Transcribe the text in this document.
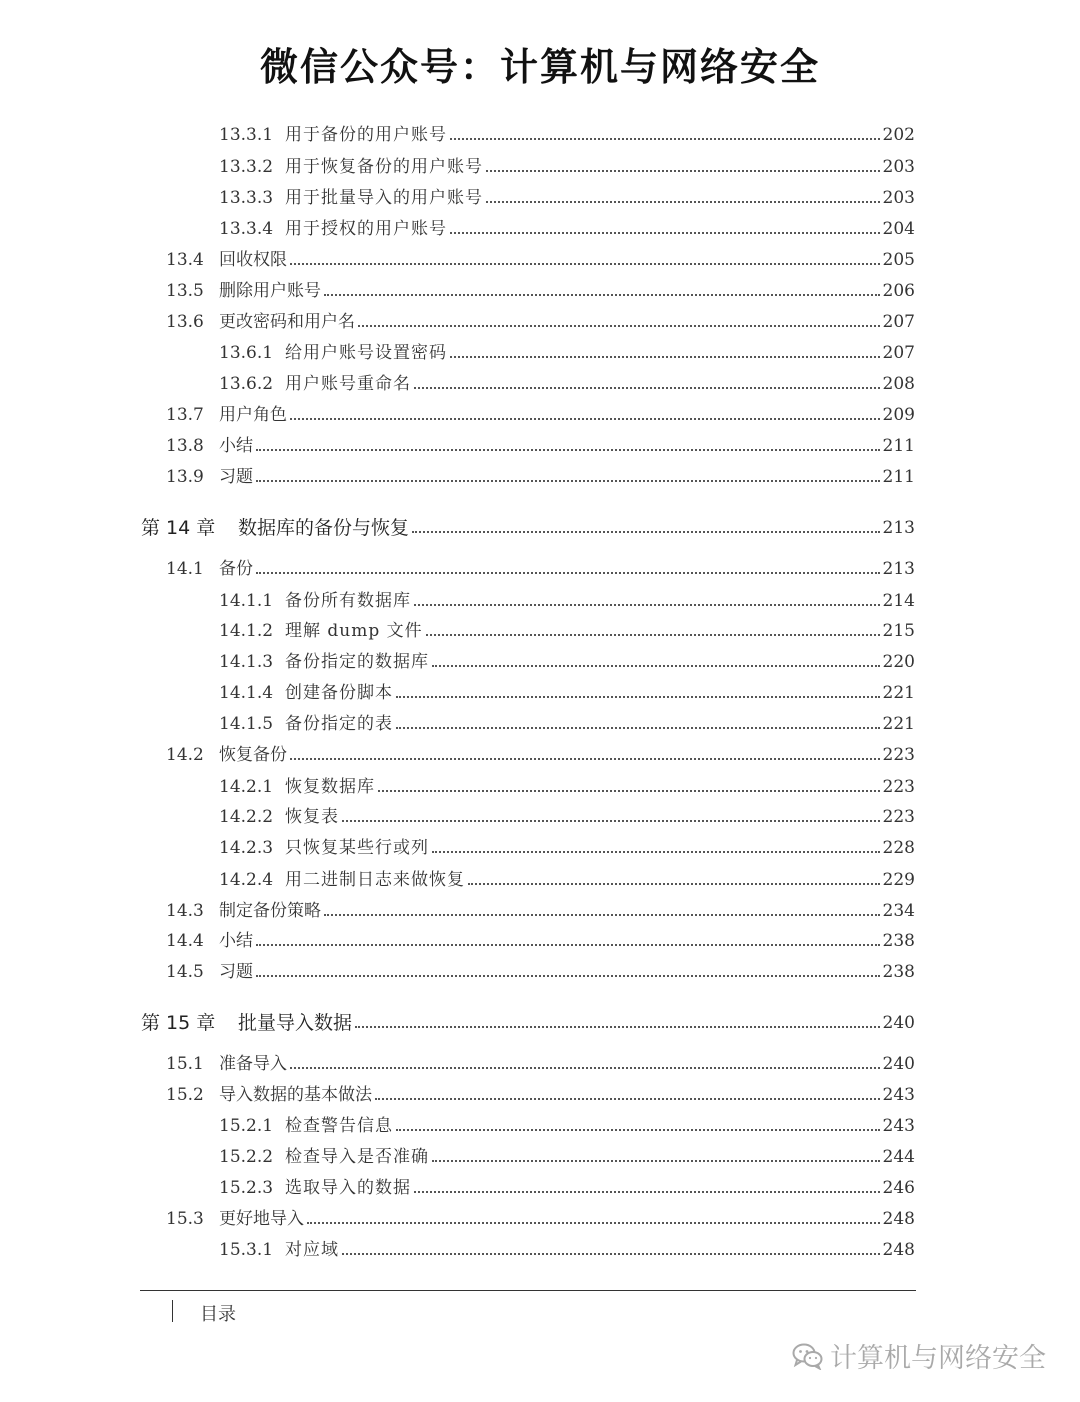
微信公众号：计算机与网络安全
13.3.1 用于备份的用户账号	202
13.3.2 用于恢复备份的用户账号	203
13.3.3 用于批量导入的用户账号	203
13.3.4 用于授权的用户账号	204
13.4 回收权限	205
13.5 删除用户账号	206
13.6 更改密码和用户名	207
13.6.1 给用户账号设置密码	207
13.6.2 用户账号重命名	208
13.7 用户角色	209
13.8 小结	211
13.9 习题	211
第 14 章	数据库的备份与恢复	213
14.1 备份	213
14.1.1 备份所有数据库	214
14.1.2 理解 dump 文件	215
14.1.3 备份指定的数据库	220
14.1.4 创建备份脚本	221
14.1.5 备份指定的表	221
14.2 恢复备份	223
14.2.1 恢复数据库	223
14.2.2 恢复表	223
14.2.3 只恢复某些行或列	228
14.2.4 用二进制日志来做恢复	229
14.3 制定备份策略	234
14.4 小结	238
14.5 习题	238
第 15 章	批量导入数据	240
15.1 准备导入	240
15.2 导入数据的基本做法	243
15.2.1 检查警告信息	243
15.2.2 检查导入是否准确	244
15.2.3 选取导入的数据	246
15.3 更好地导入	248
15.3.1 对应域	248
目录
计算机与网络安全
